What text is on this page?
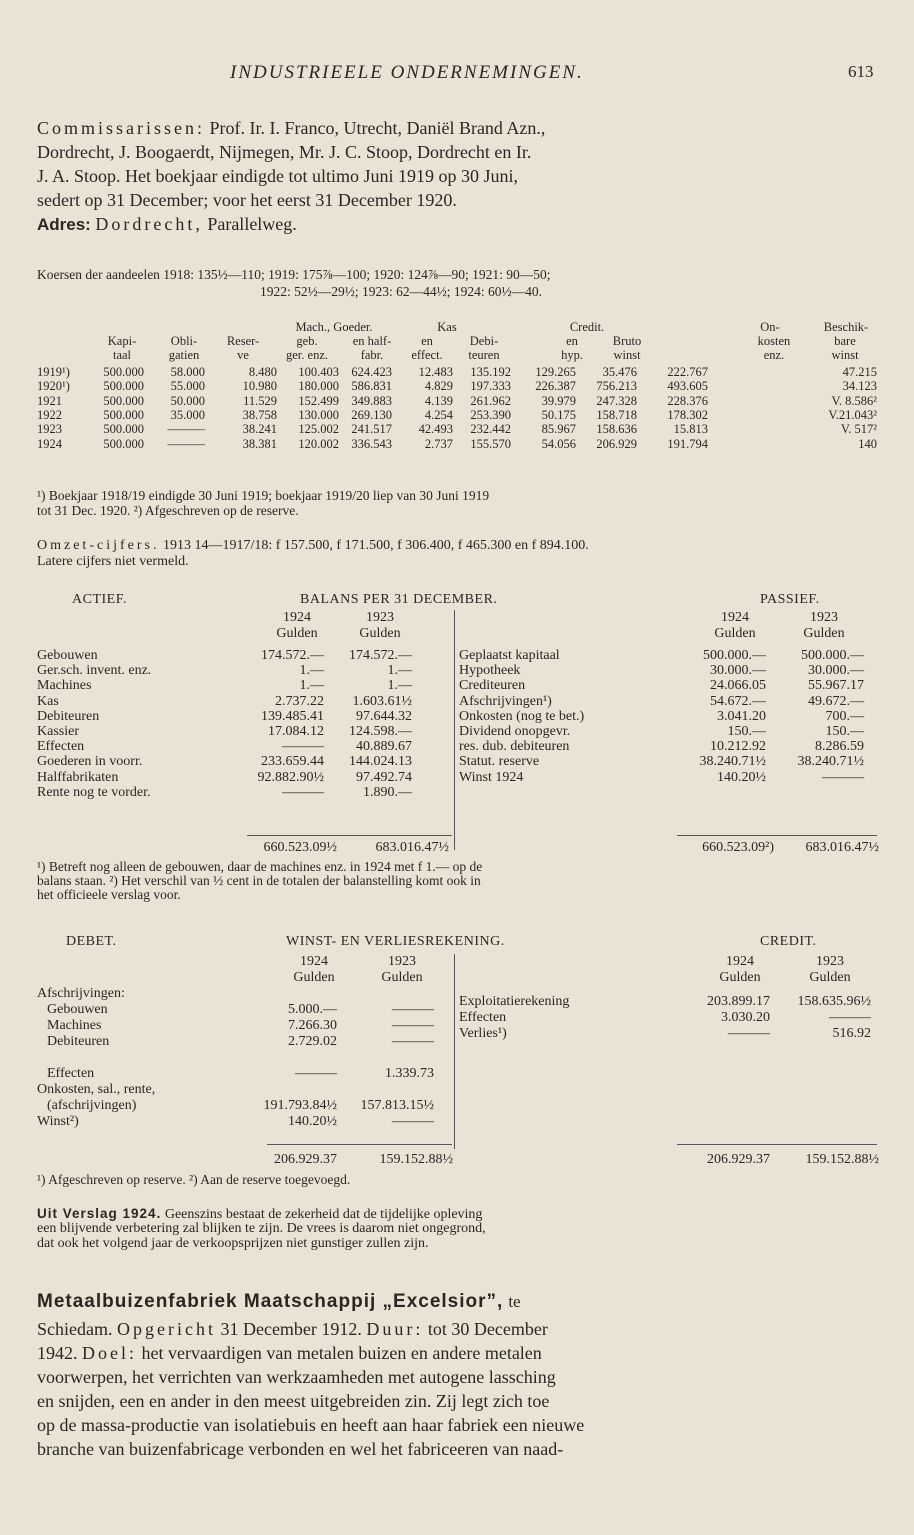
INDUSTRIEELE ONDERNEMINGEN.	613
Commissarissen: Prof. Ir. I. Franco, Utrecht, Daniël Brand Azn.,
Dordrecht, J. Boogaerdt, Nijmegen, Mr. J. C. Stoop, Dordrecht en Ir.
J. A. Stoop. Het boekjaar eindigde tot ultimo Juni 1919 op 30 Juni,
sedert op 31 December; voor het eerst 31 December 1920.
Adres: Dordrecht, Parallelweg.
Koersen der aandeelen 1918: 135½—110; 1919: 175⅞—100; 1920: 124⅞—90; 1921: 90—50;
1922: 52½—29½; 1923: 62—44½; 1924: 60½—40.
Mach., Goeder.	Kas	Credit.	On-	Beschik-
Kapi-	Obli-	Reser-	geb.	en half-	en	Debi-	en	Bruto	kosten	bare
taal	gatien	ve	ger. enz.	fabr.	effect.	teuren	hyp.	winst	enz.	winst
1919¹)	500.000	58.000	8.480	100.403 624.423	12.483	135.192	129.265	35.476	222.767	47.215
1920¹)	500.000	55.000	10.980	180.000 586.831	4.829	197.333	226.387	756.213	493.605	34.123
1921	500.000	50.000	11.529	152.499 349.883	4.139	261.962	39.979	247.328	228.376	V. 8.586²
1922	500.000	35.000	38.758	130.000 269.130	4.254	253.390	50.175	158.718	178.302	V.21.043²
1923	500.000	———	38.241	125.002 241.517	42.493	232.442	85.967	158.636	15.813	V. 517²
1924	500.000	———	38.381	120.002 336.543	2.737	155.570	54.056	206.929	191.794	140
¹) Boekjaar 1918/19 eindigde 30 Juni 1919; boekjaar 1919/20 liep van 30 Juni 1919
tot 31 Dec. 1920. ²) Afgeschreven op de reserve.
Omzet-cijfers. 1913 14—1917/18: f 157.500, f 171.500, f 306.400, f 465.300 en f 894.100.
Latere cijfers niet vermeld.
ACTIEF.	BALANS PER 31 DECEMBER.	PASSIEF.
1924	1923
Gulden	Gulden
1924	1923
Gulden	Gulden
Gebouwen	174.572.—	174.572.—
Ger.sch. invent. enz.	1.—	1.—
Machines	1.—	1.—
Kas	2.737.22	1.603.61½
Debiteuren	139.485.41	97.644.32
Kassier	17.084.12	124.598.—
Effecten	———	40.889.67
Goederen in voorr.	233.659.44	144.024.13
Halffabrikaten	92.882.90½	97.492.74
Rente nog te vorder.	———	1.890.—
Geplaatst kapitaal	500.000.—	500.000.—
Hypotheek	30.000.—	30.000.—
Crediteuren	24.066.05	55.967.17
Afschrijvingen¹)	54.672.—	49.672.—
Onkosten (nog te bet.)	3.041.20	700.—
Dividend onopgevr.	150.—	150.—
res. dub. debiteuren	10.212.92	8.286.59
Statut. reserve	38.240.71½	38.240.71½
Winst 1924	140.20½	———
660.523.09½	683.016.47½	660.523.09²)	683.016.47½
¹) Betreft nog alleen de gebouwen, daar de machines enz. in 1924 met f 1.— op de
balans staan. ²) Het verschil van ½ cent in de totalen der balanstelling komt ook in
het officieele verslag voor.
DEBET.	WINST- EN VERLIESREKENING.	CREDIT.
1924	1923
Gulden	Gulden
1924	1923
Gulden	Gulden
Afschrijvingen:
Gebouwen	5.000.—	———
Machines	7.266.30	———
Debiteuren	2.729.02	———
Effecten	———	1.339.73
Onkosten, sal., rente,
(afschrijvingen)	191.793.84½	157.813.15½
Winst²)	140.20½	———
Exploitatierekening	203.899.17	158.635.96½
Effecten	3.030.20	———
Verlies¹)	———	516.92
206.929.37	159.152.88½	206.929.37	159.152.88½
¹) Afgeschreven op reserve. ²) Aan de reserve toegevoegd.
Uit Verslag 1924. Geenszins bestaat de zekerheid dat de tijdelijke opleving
een blijvende verbetering zal blijken te zijn. De vrees is daarom niet ongegrond,
dat ook het volgend jaar de verkoopsprijzen niet gunstiger zullen zijn.
Metaalbuizenfabriek Maatschappij „Excelsior”, te
Schiedam. Opgericht 31 December 1912. Duur: tot 30 December
1942. Doel: het vervaardigen van metalen buizen en andere metalen
voorwerpen, het verrichten van werkzaamheden met autogene lassching
en snijden, een en ander in den meest uitgebreiden zin. Zij legt zich toe
op de massa-productie van isolatiebuis en heeft aan haar fabriek een nieuwe
branche van buizenfabricage verbonden en wel het fabriceeren van naad-
